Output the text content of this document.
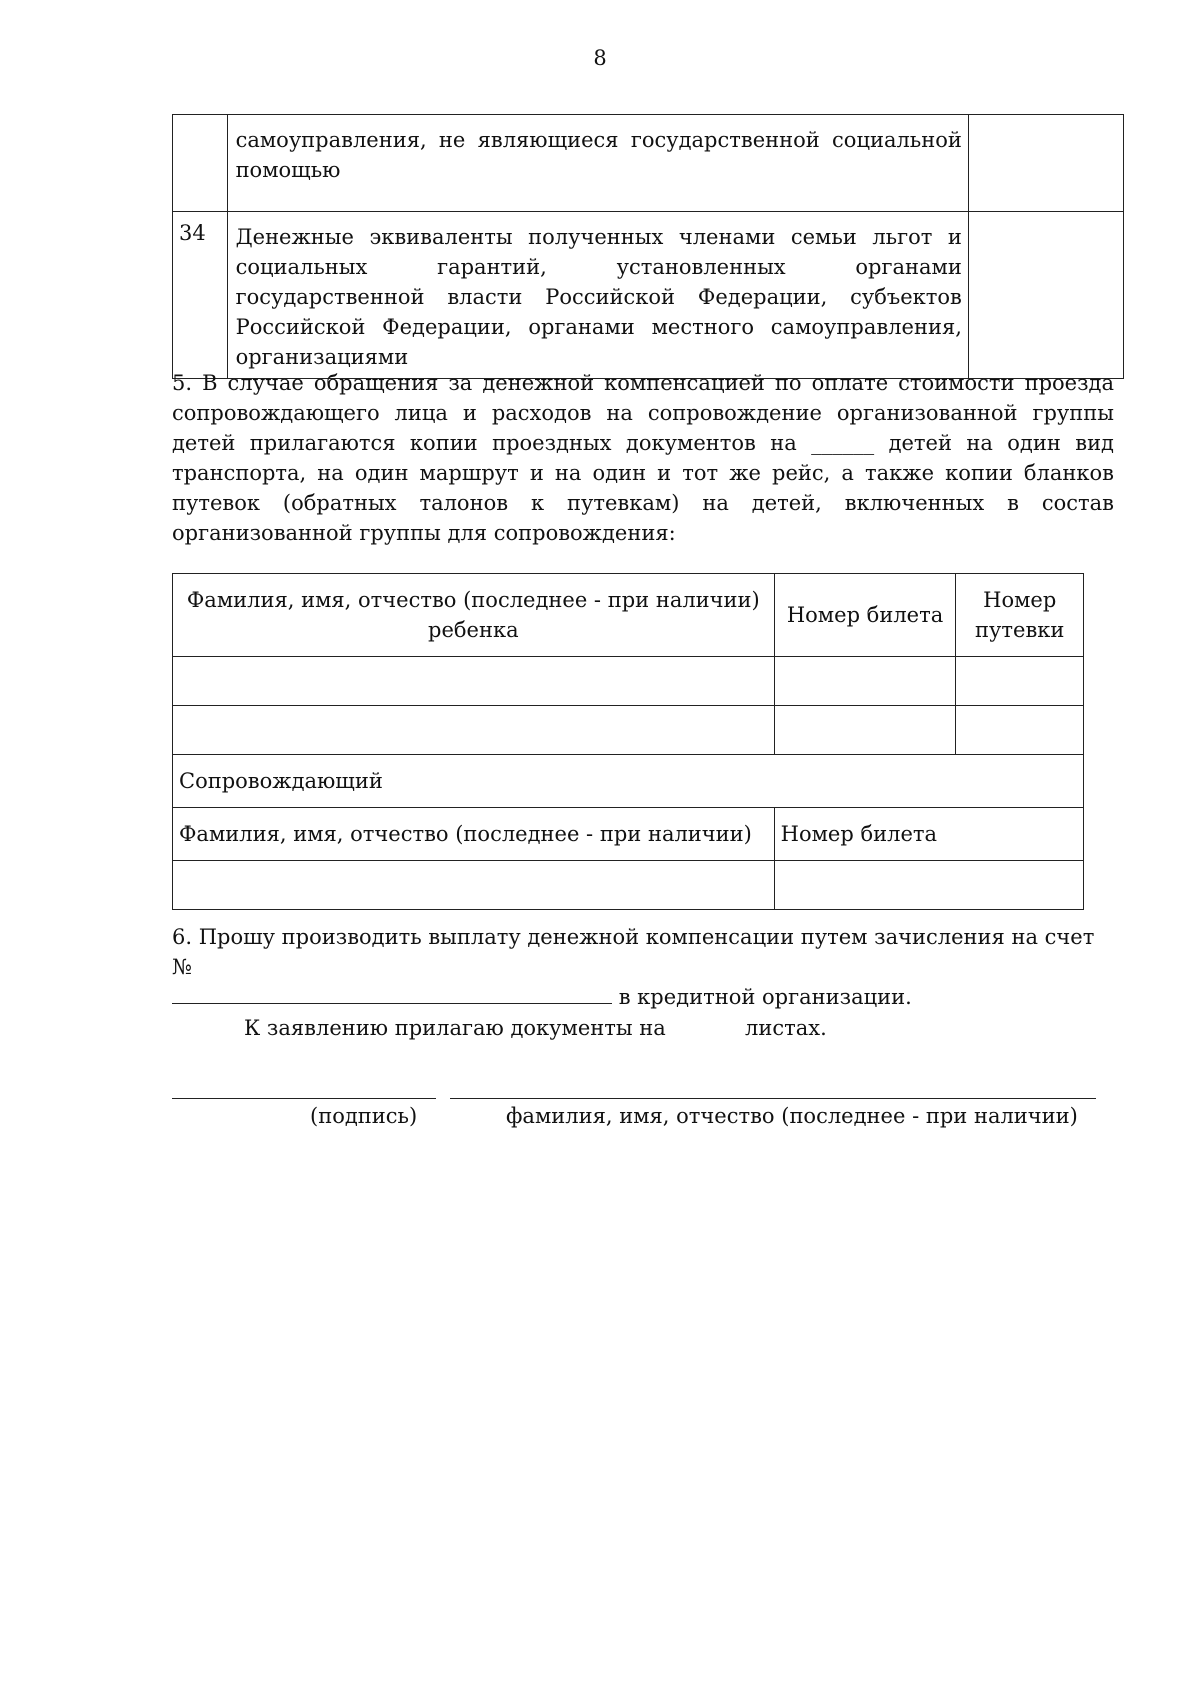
8
	самоуправления, не являющиеся государственной социальной помощью	
34	Денежные эквиваленты полученных членами семьи льгот и социальных гарантий, установленных органами государственной власти Российской Федерации, субъектов Российской Федерации, органами местного самоуправления, организациями	
5. В случае обращения за денежной компенсацией по оплате стоимости проезда сопровождающего лица и расходов на сопровождение организованной группы детей прилагаются копии проездных документов на ______ детей на один вид транспорта, на один маршрут и на один и тот же рейс, а также копии бланков путевок (обратных талонов к путевкам) на детей, включенных в состав организованной группы для сопровождения:
Фамилия, имя, отчество (последнее - при наличии) ребенка	Номер билета	Номер путевки

Сопровождающий		
Фамилия, имя, отчество (последнее - при наличии)	Номер билета	

6. Прошу производить выплату денежной компенсации путем зачисления на счет №
в кредитной организации.
К заявлению прилагаю документы на	листах.
(подпись)	фамилия, имя, отчество (последнее - при наличии)
